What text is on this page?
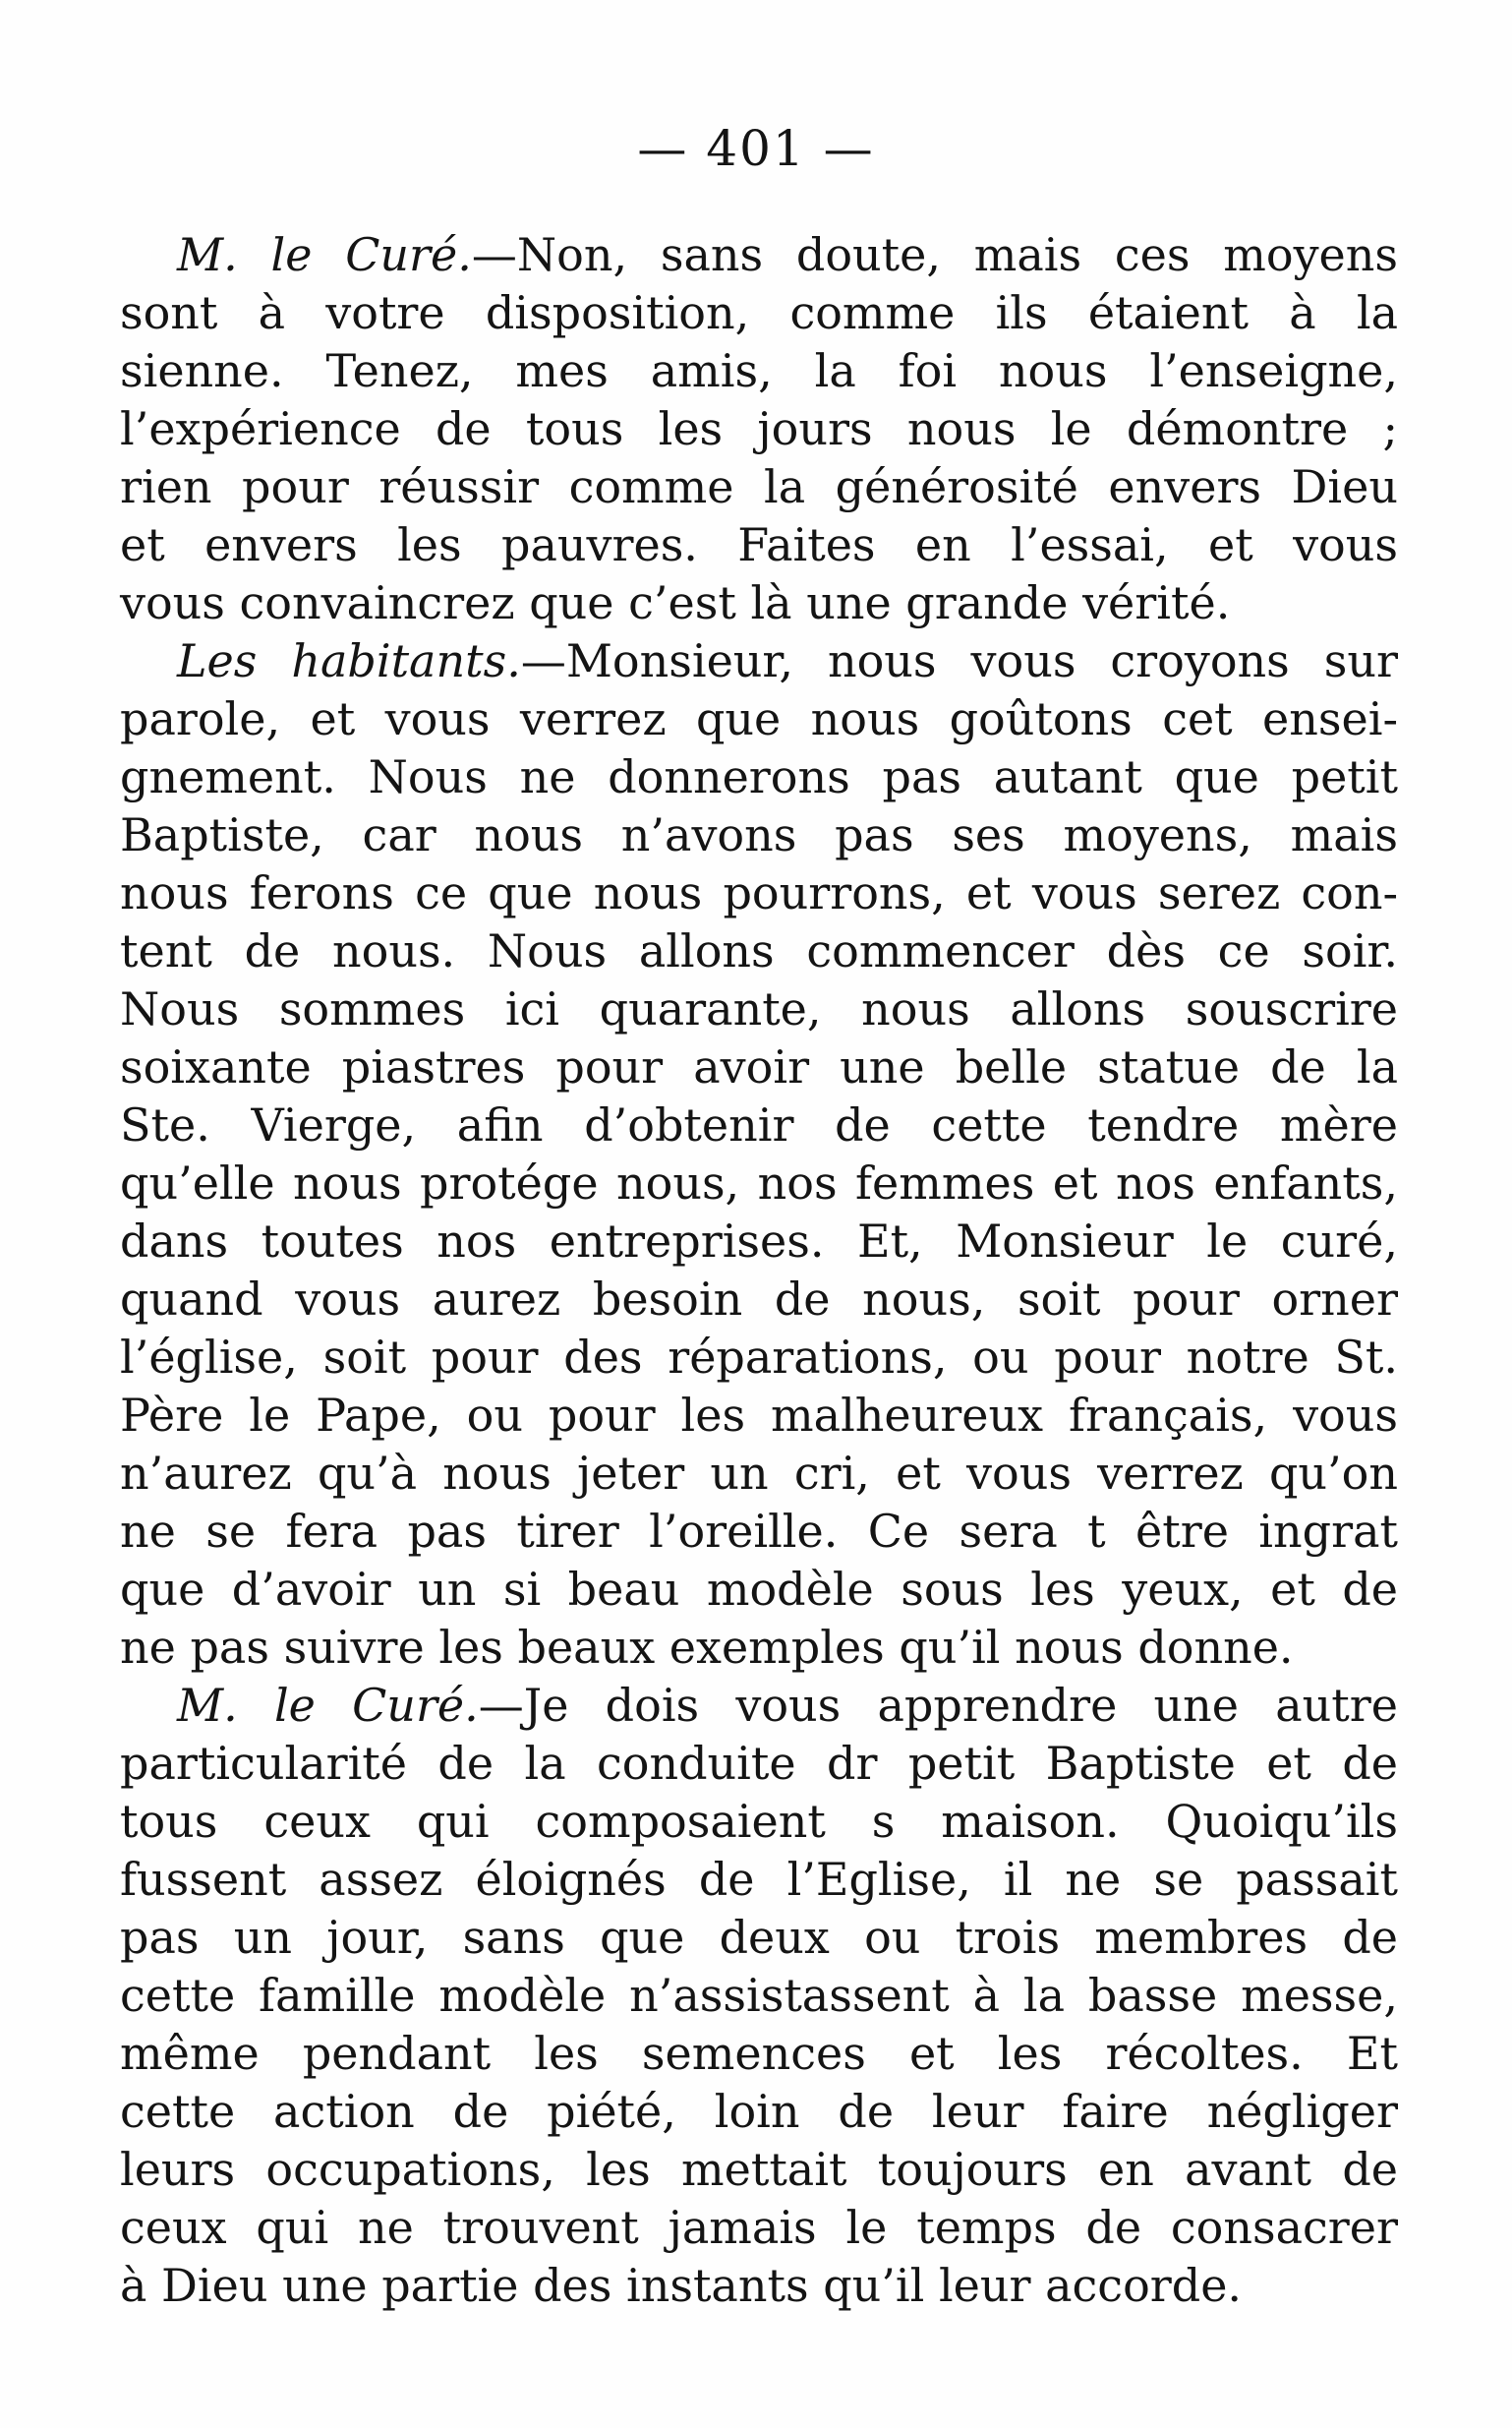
— 401 —
M. le Curé.—Non, sans doute, mais ces moyens
sont à votre disposition, comme ils étaient à la
sienne. Tenez, mes amis, la foi nous l’enseigne,
l’expérience de tous les jours nous le démontre ;
rien pour réussir comme la générosité envers Dieu
et envers les pauvres. Faites en l’essai, et vous
vous convaincrez que c’est là une grande vérité.
Les habitants.—Monsieur, nous vous croyons sur
parole, et vous verrez que nous goûtons cet ensei-
gnement. Nous ne donnerons pas autant que petit
Baptiste, car nous n’avons pas ses moyens, mais
nous ferons ce que nous pourrons, et vous serez con-
tent de nous. Nous allons commencer dès ce soir.
Nous sommes ici quarante, nous allons souscrire
soixante piastres pour avoir une belle statue de la
Ste. Vierge, afin d’obtenir de cette tendre mère
qu’elle nous protége nous, nos femmes et nos enfants,
dans toutes nos entreprises. Et, Monsieur le curé,
quand vous aurez besoin de nous, soit pour orner
l’église, soit pour des réparations, ou pour notre St.
Père le Pape, ou pour les malheureux français, vous
n’aurez qu’à nous jeter un cri, et vous verrez qu’on
ne se fera pas tirer l’oreille. Ce sera t être ingrat
que d’avoir un si beau modèle sous les yeux, et de
ne pas suivre les beaux exemples qu’il nous donne.
M. le Curé.—Je dois vous apprendre une autre
particularité de la conduite dr petit Baptiste et de
tous ceux qui composaient s maison. Quoiqu’ils
fussent assez éloignés de l’Eglise, il ne se passait
pas un jour, sans que deux ou trois membres de
cette famille modèle n’assistassent à la basse messe,
même pendant les semences et les récoltes. Et
cette action de piété, loin de leur faire négliger
leurs occupations, les mettait toujours en avant de
ceux qui ne trouvent jamais le temps de consacrer
à Dieu une partie des instants qu’il leur accorde.
